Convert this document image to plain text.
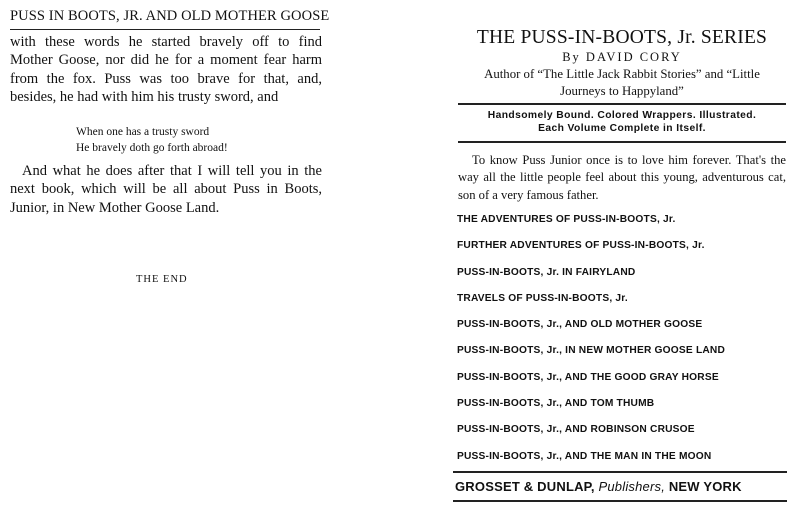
PUSS IN BOOTS, JR. AND OLD MOTHER GOOSE

with these words he started bravely off to find Mother Goose, nor did he for a moment fear harm from the fox. Puss was too brave for that, and, besides, he had with him his trusty sword, and

When one has a trusty sword
He bravely doth go forth abroad!

And what he does after that I will tell you in the next book, which will be all about Puss in Boots, Junior, in New Mother Goose Land.

THE END
THE PUSS-IN-BOOTS, Jr. SERIES
By DAVID CORY
Author of “The Little Jack Rabbit Stories” and “Little
Journeys to Happyland”
Handsomely Bound. Colored Wrappers. Illustrated.
Each Volume Complete in Itself.

To know Puss Junior once is to love him forever. That's the way all the little people feel about this young, adventurous cat, son of a very famous father.

THE ADVENTURES OF PUSS-IN-BOOTS, Jr.
FURTHER ADVENTURES OF PUSS-IN-BOOTS, Jr.
PUSS-IN-BOOTS, Jr. IN FAIRYLAND
TRAVELS OF PUSS-IN-BOOTS, Jr.
PUSS-IN-BOOTS, Jr., AND OLD MOTHER GOOSE
PUSS-IN-BOOTS, Jr., IN NEW MOTHER GOOSE LAND
PUSS-IN-BOOTS, Jr., AND THE GOOD GRAY HORSE
PUSS-IN-BOOTS, Jr., AND TOM THUMB
PUSS-IN-BOOTS, Jr., AND ROBINSON CRUSOE
PUSS-IN-BOOTS, Jr., AND THE MAN IN THE MOON
GROSSET & DUNLAP, Publishers, NEW YORK
